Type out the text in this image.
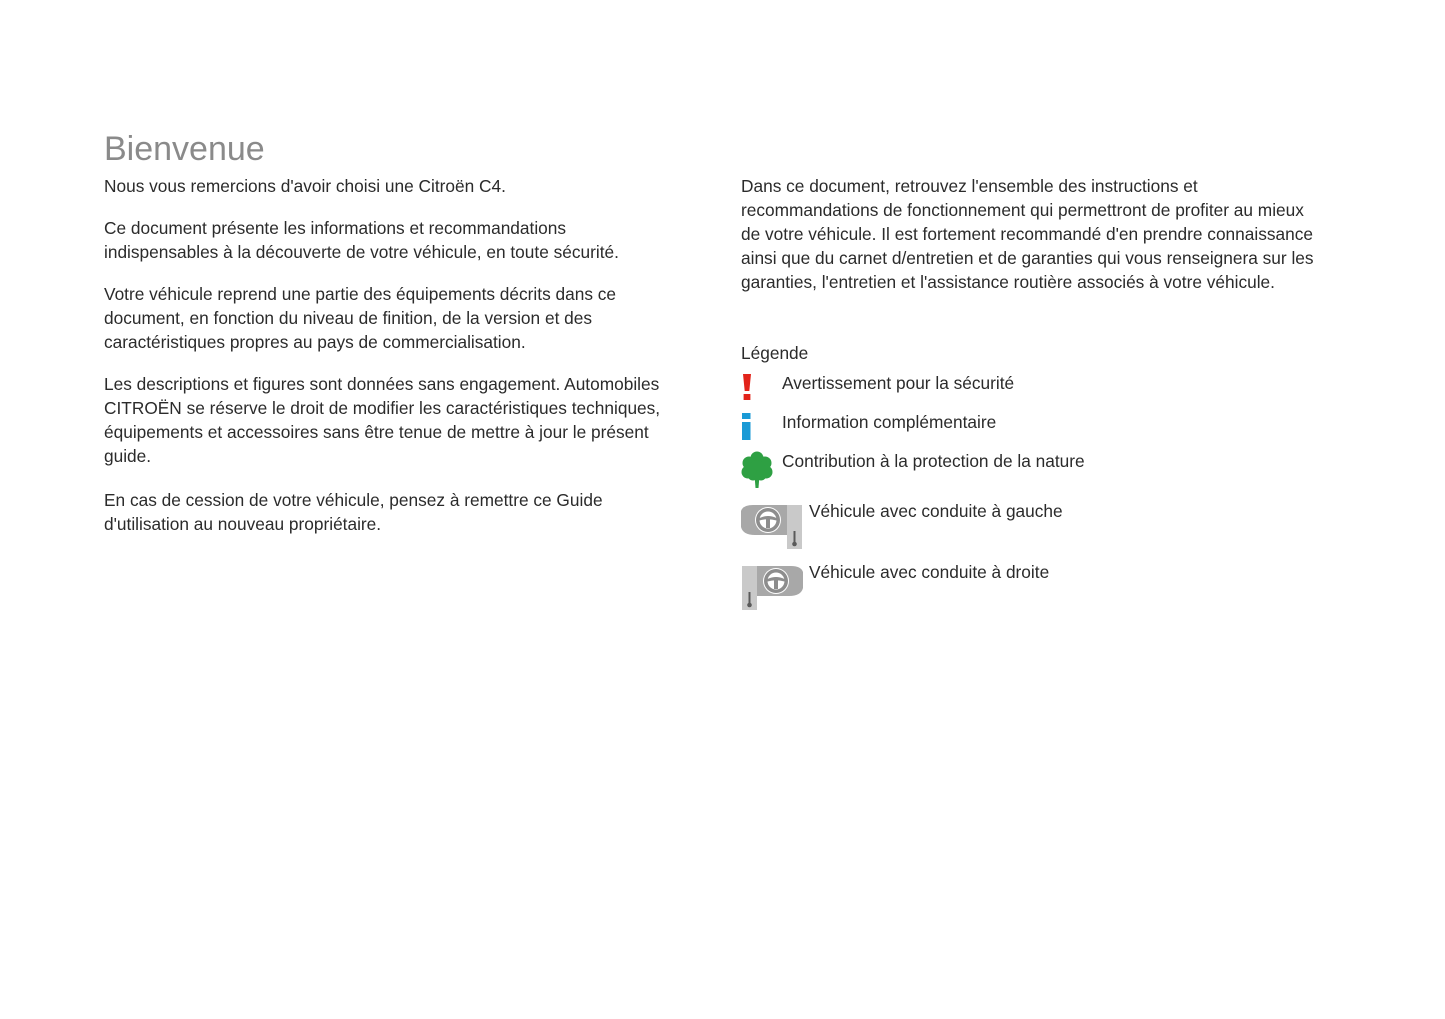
Bienvenue

Nous vous remercions d'avoir choisi une Citroën C4.

Ce document présente les informations et recommandations indispensables à la découverte de votre véhicule, en toute sécurité.

Votre véhicule reprend une partie des équipements décrits dans ce document, en fonction du niveau de finition, de la version et des caractéristiques propres au pays de commercialisation.

Les descriptions et figures sont données sans engagement. Automobiles CITROËN se réserve le droit de modifier les caractéristiques techniques, équipements et accessoires sans être tenue de mettre à jour le présent guide.

En cas de cession de votre véhicule, pensez à remettre ce Guide d'utilisation au nouveau propriétaire.

Dans ce document, retrouvez l'ensemble des instructions et recommandations de fonctionnement qui permettront de profiter au mieux de votre véhicule. Il est fortement recommandé d'en prendre connaissance ainsi que du carnet d/entretien et de garanties qui vous renseignera sur les garanties, l'entretien et l'assistance routière associés à votre véhicule.

Légende
Avertissement pour la sécurité
Information complémentaire
Contribution à la protection de la nature
Véhicule avec conduite à gauche
Véhicule avec conduite à droite
